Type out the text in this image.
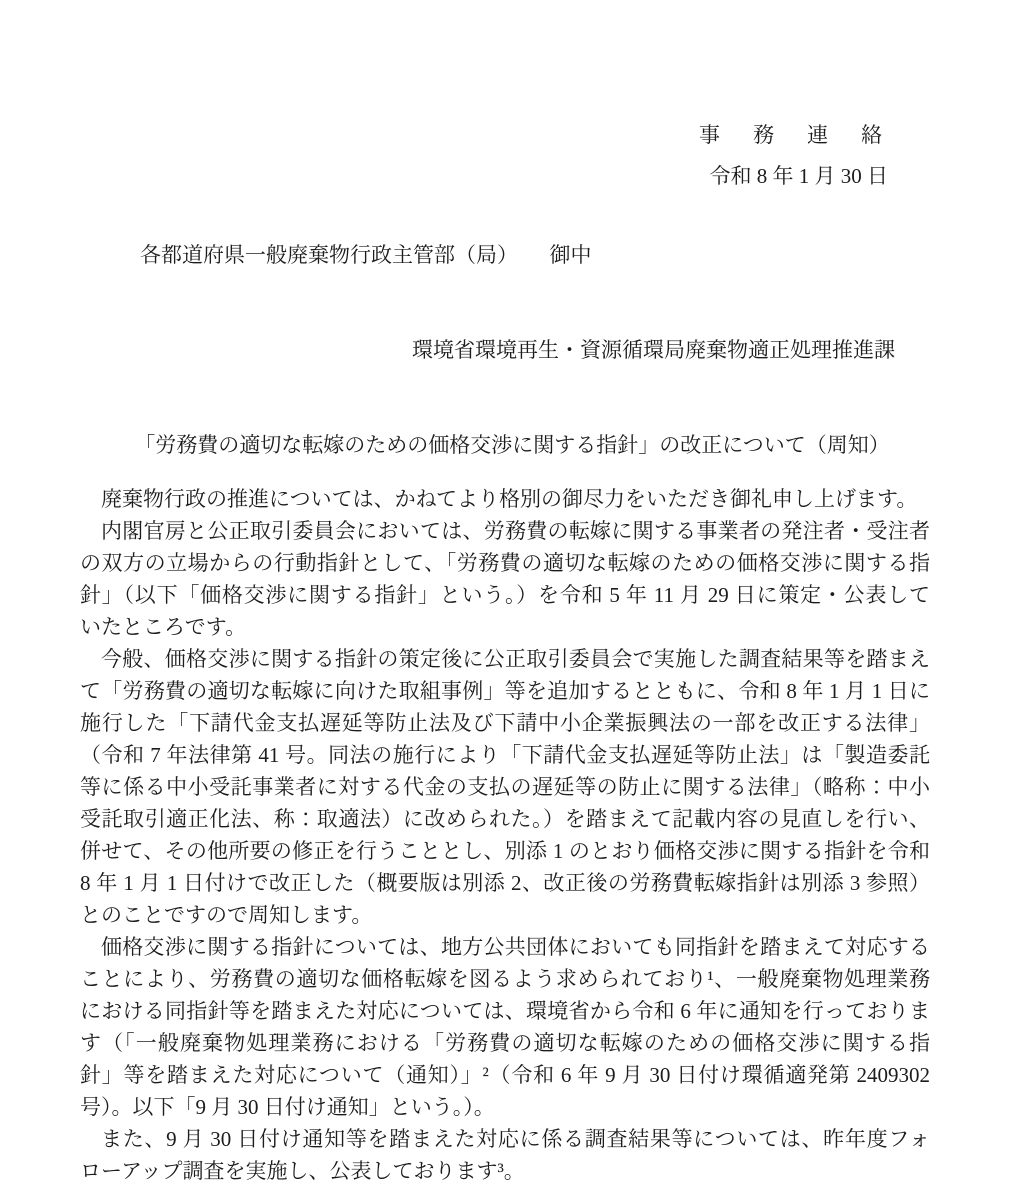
事　務　連　絡
令和 8 年 1 月 30 日
各都道府県一般廃棄物行政主管部（局）　　御中
環境省環境再生・資源循環局廃棄物適正処理推進課
「労務費の適切な転嫁のための価格交渉に関する指針」の改正について（周知）
廃棄物行政の推進については、かねてより格別の御尽力をいただき御礼申し上げます。
内閣官房と公正取引委員会においては、労務費の転嫁に関する事業者の発注者・受注者
の双方の立場からの行動指針として、「労務費の適切な転嫁のための価格交渉に関する指
針」（以下「価格交渉に関する指針」という。）を令和 5 年 11 月 29 日に策定・公表して
いたところです。
今般、価格交渉に関する指針の策定後に公正取引委員会で実施した調査結果等を踏まえ
て「労務費の適切な転嫁に向けた取組事例」等を追加するとともに、令和 8 年 1 月 1 日に
施行した「下請代金支払遅延等防止法及び下請中小企業振興法の一部を改正する法律」
（令和 7 年法律第 41 号。同法の施行により「下請代金支払遅延等防止法」は「製造委託
等に係る中小受託事業者に対する代金の支払の遅延等の防止に関する法律」（略称：中小
受託取引適正化法、称：取適法）に改められた。）を踏まえて記載内容の見直しを行い、
併せて、その他所要の修正を行うこととし、別添 1 のとおり価格交渉に関する指針を令和
8 年 1 月 1 日付けで改正した（概要版は別添 2、改正後の労務費転嫁指針は別添 3 参照）
とのことですので周知します。
価格交渉に関する指針については、地方公共団体においても同指針を踏まえて対応する
ことにより、労務費の適切な価格転嫁を図るよう求められており¹、一般廃棄物処理業務
における同指針等を踏まえた対応については、環境省から令和 6 年に通知を行っておりま
す（「一般廃棄物処理業務における「労務費の適切な転嫁のための価格交渉に関する指
針」等を踏まえた対応について（通知）」²（令和 6 年 9 月 30 日付け環循適発第 2409302
号）。以下「9 月 30 日付け通知」という。）。
また、9 月 30 日付け通知等を踏まえた対応に係る調査結果等については、昨年度フォ
ローアップ調査を実施し、公表しております³。
